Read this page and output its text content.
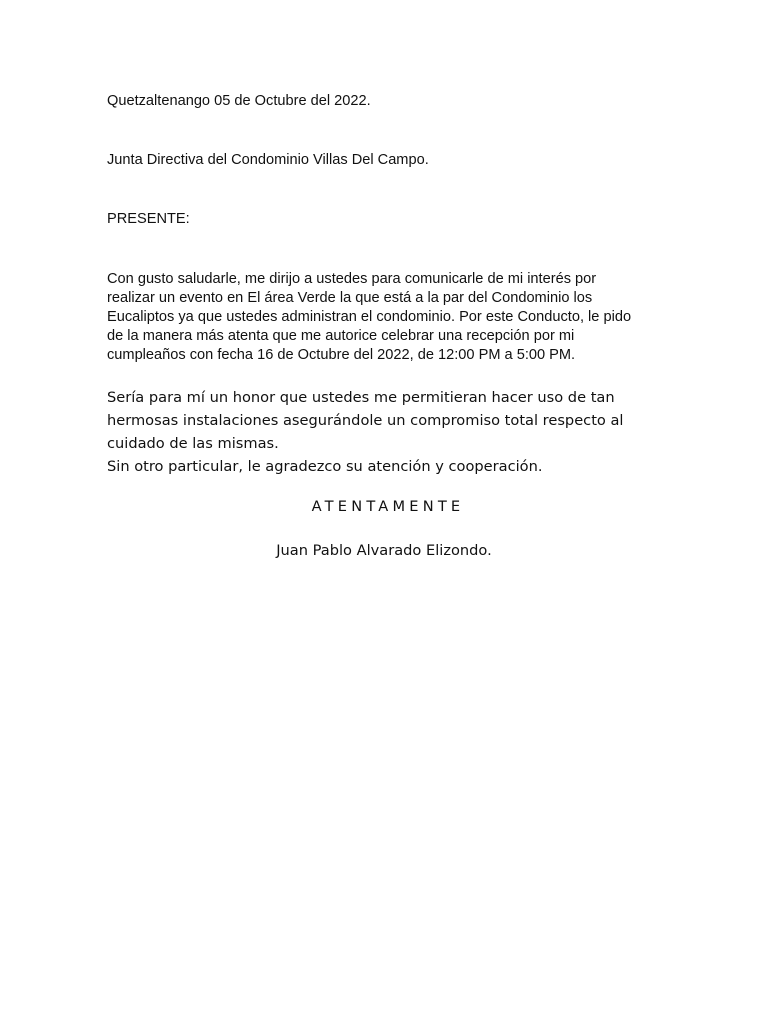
Quetzaltenango 05 de Octubre del 2022.

Junta Directiva del Condominio Villas Del Campo.

PRESENTE:

Con gusto saludarle, me dirijo a ustedes para comunicarle de mi interés por

realizar un evento en El área Verde la que está a la par del Condominio los

Eucaliptos ya que ustedes administran el condominio. Por este Conducto, le pido

de la manera más atenta que me autorice celebrar una recepción por mi

cumpleaños con fecha 16 de Octubre del 2022, de 12:00 PM a 5:00 PM.

Sería para mí un honor que ustedes me permitieran hacer uso de tan

hermosas instalaciones asegurándole un compromiso total respecto al

cuidado de las mismas.

Sin otro particular, le agradezco su atención y cooperación.

ATENTAMENTE

Juan Pablo Alvarado Elizondo.
